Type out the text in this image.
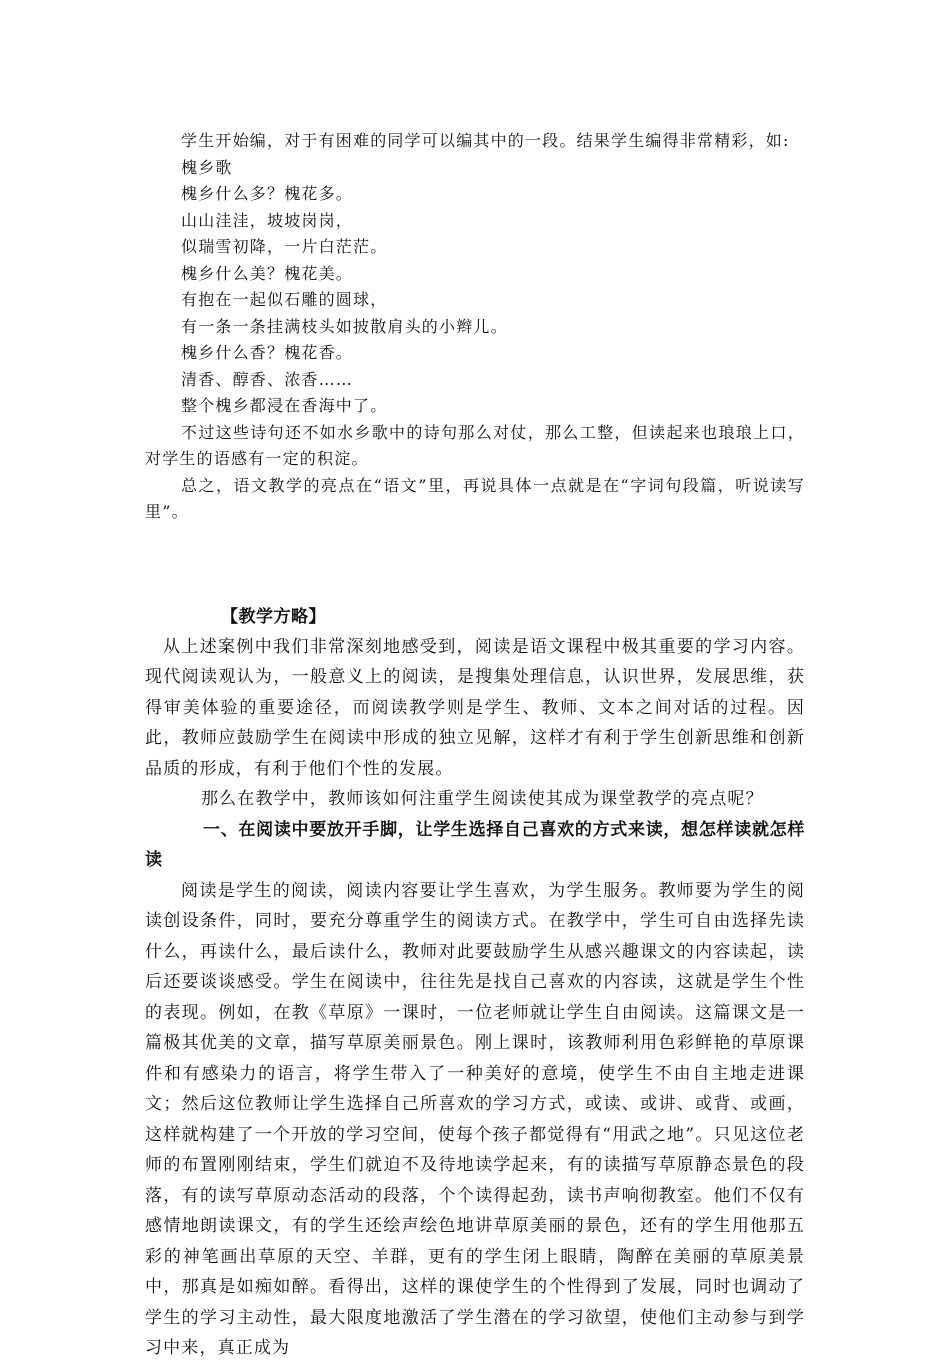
学生开始编，对于有困难的同学可以编其中的一段。结果学生编得非常精彩，如:

槐乡歌

槐乡什么多？槐花多。

山山洼洼，坡坡岗岗，

似瑞雪初降，一片白茫茫。

槐乡什么美？槐花美。

有抱在一起似石雕的圆球，

有一条一条挂满枝头如披散肩头的小辫儿。

槐乡什么香？槐花香。

清香、醇香、浓香……

整个槐乡都浸在香海中了。

不过这些诗句还不如水乡歌中的诗句那么对仗，那么工整，但读起来也琅琅上口，对学生的语感有一定的积淀。

总之，语文教学的亮点在“语文”里，再说具体一点就是在“字词句段篇，听说读写里”。

【教学方略】

从上述案例中我们非常深刻地感受到，阅读是语文课程中极其重要的学习内容。现代阅读观认为，一般意义上的阅读，是搜集处理信息，认识世界，发展思维，获得审美体验的重要途径，而阅读教学则是学生、教师、文本之间对话的过程。因此，教师应鼓励学生在阅读中形成的独立见解，这样才有利于学生创新思维和创新品质的形成，有利于他们个性的发展。

那么在教学中，教师该如何注重学生阅读使其成为课堂教学的亮点呢？

一、在阅读中要放开手脚，让学生选择自己喜欢的方式来读，想怎样读就怎样读

阅读是学生的阅读，阅读内容要让学生喜欢，为学生服务。教师要为学生的阅读创设条件，同时，要充分尊重学生的阅读方式。在教学中，学生可自由选择先读什么，再读什么，最后读什么，教师对此要鼓励学生从感兴趣课文的内容读起，读后还要谈谈感受。学生在阅读中，往往先是找自己喜欢的内容读，这就是学生个性的表现。例如，在教《草原》一课时，一位老师就让学生自由阅读。这篇课文是一篇极其优美的文章，描写草原美丽景色。刚上课时，该教师利用色彩鲜艳的草原课件和有感染力的语言，将学生带入了一种美好的意境，使学生不由自主地走进课文；然后这位教师让学生选择自己所喜欢的学习方式，或读、或讲、或背、或画，这样就构建了一个开放的学习空间，使每个孩子都觉得有“用武之地”。只见这位老师的布置刚刚结束，学生们就迫不及待地读学起来，有的读描写草原静态景色的段落，有的读写草原动态活动的段落，个个读得起劲，读书声响彻教室。他们不仅有感情地朗读课文，有的学生还绘声绘色地讲草原美丽的景色，还有的学生用他那五彩的神笔画出草原的天空、羊群，更有的学生闭上眼睛，陶醉在美丽的草原美景中，那真是如痴如醉。看得出，这样的课使学生的个性得到了发展，同时也调动了学生的学习主动性，最大限度地激活了学生潜在的学习欲望，使他们主动参与到学习中来，真正成为
